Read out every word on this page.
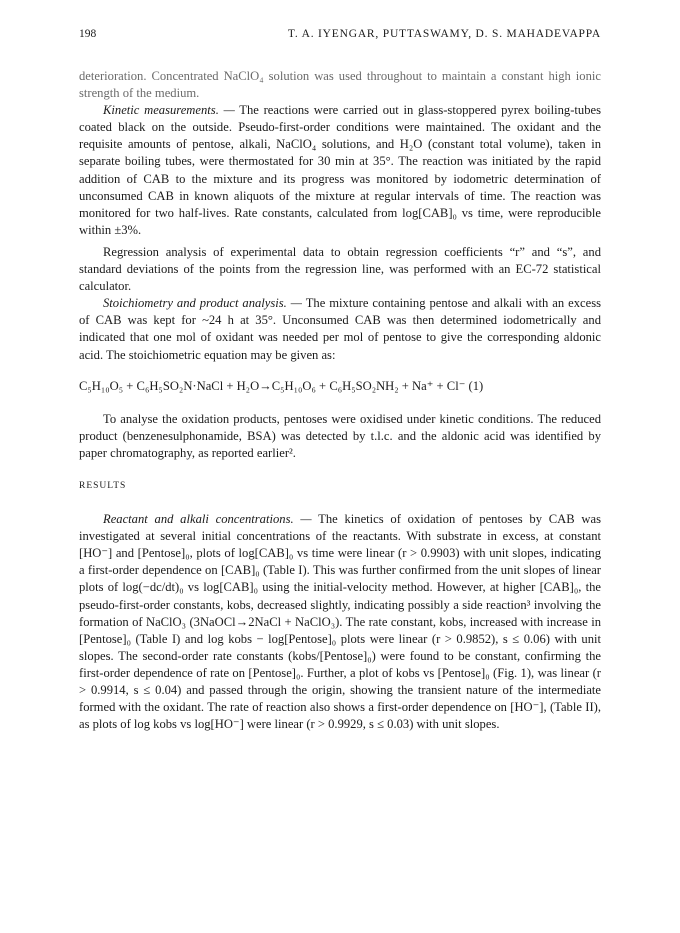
198	T. A. IYENGAR, PUTTASWAMY, D. S. MAHADEVAPPA

deterioration. Concentrated NaClO₄ solution was used throughout to maintain a constant high ionic strength of the medium.

Kinetic measurements. — The reactions were carried out in glass-stoppered pyrex boiling-tubes coated black on the outside. Pseudo-first-order conditions were maintained. The oxidant and the requisite amounts of pentose, alkali, NaClO₄ solutions, and H₂O (constant total volume), taken in separate boiling tubes, were thermostated for 30 min at 35°. The reaction was initiated by the rapid addition of CAB to the mixture and its progress was monitored by iodometric determination of unconsumed CAB in known aliquots of the mixture at regular intervals of time. The reaction was monitored for two half-lives. Rate constants, calculated from log[CAB]₀ vs time, were reproducible within ±3%.

Regression analysis of experimental data to obtain regression coefficients “r” and “s”, and standard deviations of the points from the regression line, was performed with an EC-72 statistical calculator.

Stoichiometry and product analysis. — The mixture containing pentose and alkali with an excess of CAB was kept for ~24 h at 35°. Unconsumed CAB was then determined iodometrically and indicated that one mol of oxidant was needed per mol of pentose to give the corresponding aldonic acid. The stoichiometric equation may be given as:

C₅H₁₀O₅ + C₆H₅SO₂N·NaCl + H₂O→C₅H₁₀O₆ + C₆H₅SO₂NH₂ + Na⁺ + Cl⁻ (1)

To analyse the oxidation products, pentoses were oxidised under kinetic conditions. The reduced product (benzenesulphonamide, BSA) was detected by t.l.c. and the aldonic acid was identified by paper chromatography, as reported earlier².

RESULTS

Reactant and alkali concentrations. — The kinetics of oxidation of pentoses by CAB was investigated at several initial concentrations of the reactants. With substrate in excess, at constant [HO⁻] and [Pentose]₀, plots of log[CAB]₀ vs time were linear (r > 0.9903) with unit slopes, indicating a first-order dependence on [CAB]₀ (Table I). This was further confirmed from the unit slopes of linear plots of log(−dc/dt)₀ vs log[CAB]₀ using the initial-velocity method. However, at higher [CAB]₀, the pseudo-first-order constants, kobs, decreased slightly, indicating possibly a side reaction³ involving the formation of NaClO₃ (3NaOCl→2NaCl + NaClO₃). The rate constant, kobs, increased with increase in [Pentose]₀ (Table I) and log kobs − log[Pentose]₀ plots were linear (r > 0.9852), s ≤ 0.06) with unit slopes. The second-order rate constants (kobs/[Pentose]₀) were found to be constant, confirming the first-order dependence of rate on [Pentose]₀. Further, a plot of kobs vs [Pentose]₀ (Fig. 1), was linear (r > 0.9914, s ≤ 0.04) and passed through the origin, showing the transient nature of the intermediate formed with the oxidant. The rate of reaction also shows a first-order dependence on [HO⁻], (Table II), as plots of log kobs vs log[HO⁻] were linear (r > 0.9929, s ≤ 0.03) with unit slopes.
